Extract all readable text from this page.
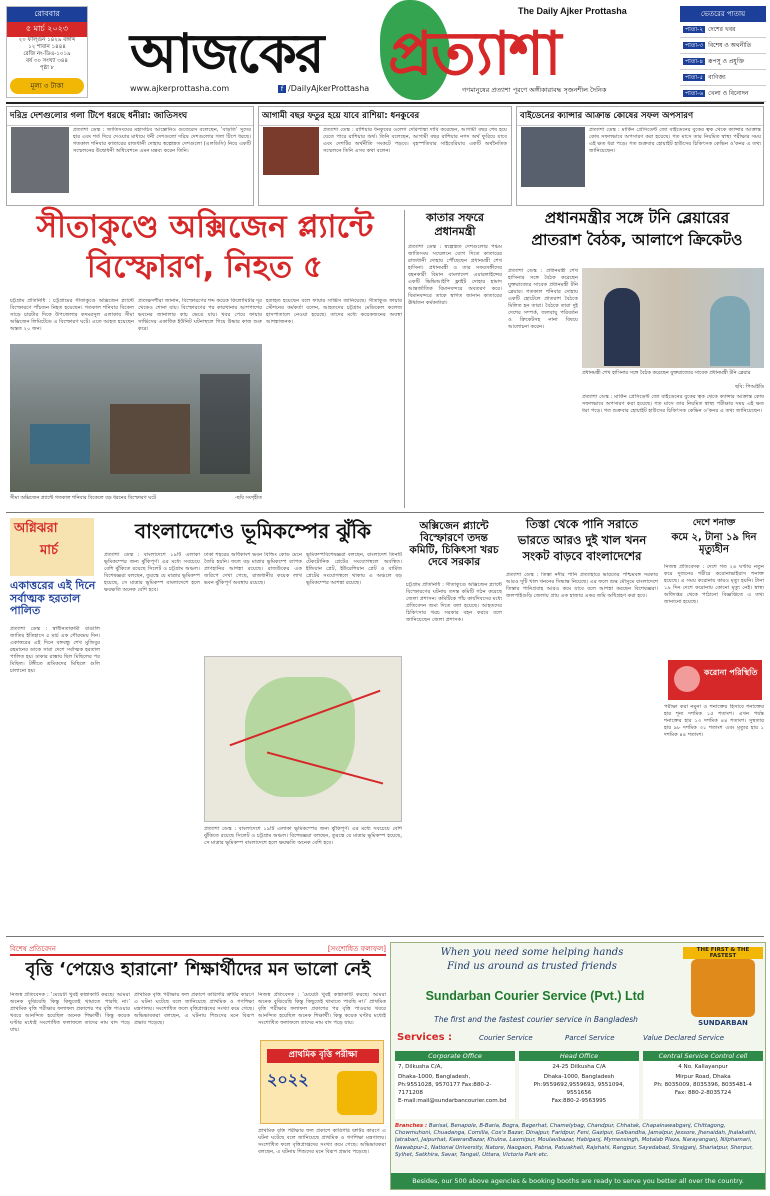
রোববার
৫ মার্চ ২০২৩
২০ ফাল্গুন ১৪২৯ বঙ্গাব্দ
১২ শাবান ১৪৪৪
রেজি নং-ডিএ-১০১৯
বর্ষ ৩০ সংখ্যা ৩৪৪
পৃষ্ঠা ৮
মূল্য ৩ টাকা
আজকের প্রত্যাশা
The Daily Ajker Prottasha
www.ajkerprottasha.com	f /DailyAjkerProttasha	গণমানুষের প্রত্যাশা পূরণে অঙ্গীকারাবদ্ধ সৃজনশীল দৈনিক
ভেতরের পাতায়
পাতা-২ দেশের খবর
পাতা-৩ বিশেষ ও অথনীতি
পাতা-৪ রূপসু ও প্রযুক্তি
পাতা-৫ বাণিজ্য
পাতা-৬ খেলা ও বিনোদন
দরিদ্র দেশগুলোর গলা টিপে ধরছে ধনীরা: জাতিসংঘ
প্রত্যাশা ডেস্ক : জাতিসংঘের মহাসচিব আন্তোনিও গুতেরেস বলেছেন, ‘বাড়তি’ সুদের হার এবং শর্ত দিয়ে দেওয়ার মাধ্যমে ধনী দেশগুলো দরিদ্র দেশগুলোর গলা টিপে ধরছে। গতকাল শনিবার কাতারের রাজধানী দোহায় স্বল্পোন্নত দেশগুলো (এলডিসি) নিয়ে একটি সম্মেলনের উদ্বোধনী অধিবেশনে এমন মন্তব্য করেন তিনি।
আগামী বছর ফতুর হয়ে যাবে রাশিয়া: ধনকুবের
প্রত্যাশা ডেস্ক : রাশিয়ার ধনকুবের ওলেগ দেরিপাস্কা দাবি করেছেন, আগামী বছর শেষ হয়ে যেতে পারে রাশিয়ার অর্থ। তিনি বলেছেন, আগামী বছর রাশিয়ার নগদ অর্থ ফুরিয়ে যাবে এবং দেশটির অর্থনীতি সংকটে পড়বে। বৃহস্পতিবার সাইবেরিয়ায় একটি অর্থনৈতিক সম্মেলনে তিনি এসব কথা বলেন।
বাইডেনের ক্যান্সার আক্রান্ত কোষের সফল অপসারণ
প্রত্যাশা ডেস্ক : মার্কিন প্রেসিডেন্ট জো বাইডেনের বুকের ত্বক থেকে ক্যান্সার আক্রান্ত কোষ সফলভাবে অপসারণ করা হয়েছে। গত মাসে তার নিয়মিত স্বাস্থ্য পরীক্ষার সময় এই ক্ষত ধরা পড়ে। গত শুক্রবার হোয়াইট হাউসের চিকিৎসক কেভিন ও'কনর এ তথ্য জানিয়েছেন।
সীতাকুণ্ডে অক্সিজেন প্ল্যান্টে
বিস্ফোরণ, নিহত ৫
চট্টগ্রাম প্রতিনিধি : চট্টগ্রামের সীতাকুণ্ডে অক্সিজেন প্ল্যান্টে বিস্ফোরণে পাঁচজন নিহত হয়েছেন। গতকাল শনিবার বিকেল সাড়ে চারটার দিকে উপজেলার কদমরসুল এলাকায় সীমা অক্সিজেন লিমিটেডে এ বিস্ফোরণ ঘটে। এতে আহত হয়েছেন অন্তত ২০ জন।
প্রত্যক্ষদর্শীরা জানান, বিস্ফোরণের শব্দ কয়েক কিলোমিটার দূর থেকেও শোনা যায়। বিস্ফোরণের পর কারখানার আশপাশের ভবনের জানালার কাচ ভেঙে যায়। খবর পেয়ে ফায়ার সার্ভিসের একাধিক ইউনিট ঘটনাস্থলে গিয়ে উদ্ধার কাজ শুরু করে।
হতাহত হয়েছেন বলে ফায়ার সার্ভিস জানিয়েছে। সীতাকুণ্ড ফায়ার স্টেশনের কর্মকর্তা বলেন, আহতদের চট্টগ্রাম মেডিকেল কলেজ হাসপাতালে নেওয়া হয়েছে। তাদের মধ্যে কয়েকজনের অবস্থা আশঙ্কাজনক।
সীমা অক্সিজেন প্ল্যান্টে গতকাল শনিবার বিকেলে বড় ধরনের বিস্ফোরণ ঘটে	-ছবি সংগৃহীত
কাতার সফরে
প্রধানমন্ত্রী
প্রত্যাশা ডেস্ক : স্বল্পোন্নত দেশগুলোর পঞ্চম জাতিসংঘ সম্মেলনে যোগ দিতে কাতারের রাজধানী দোহায় পৌঁছেছেন প্রধানমন্ত্রী শেখ হাসিনা। প্রধানমন্ত্রী ও তার সফরসঙ্গীদের বহনকারী বিমান বাংলাদেশ এয়ারলাইন্সের একটি ভিভিআইপি ফ্লাইট দোহার হামাদ আন্তর্জাতিক বিমানবন্দরে অবতরণ করে। বিমানবন্দরে তাকে স্বাগত জানান কাতারের ঊর্ধ্বতন কর্মকর্তারা।
প্রধানমন্ত্রীর সঙ্গে টনি ব্লেয়ারের
প্রাতরাশ বৈঠক, আলাপে ক্রিকেটও
প্রত্যাশা ডেস্ক : প্রধানমন্ত্রী শেখ হাসিনার সঙ্গে বৈঠক করেছেন যুক্তরাজ্যের সাবেক প্রধানমন্ত্রী টনি ব্লেয়ার। গতকাল শনিবার দোহায় একটি হোটেলে প্রাতরাশ বৈঠকে মিলিত হন তারা। বৈঠকে তারা দুই দেশের সম্পর্ক, জলবায়ু পরিবর্তন ও ক্রিকেটসহ নানা বিষয়ে আলোচনা করেন।
প্রধানমন্ত্রী শেখ হাসিনার সঙ্গে বৈঠক করেছেন যুক্তরাজ্যের সাবেক প্রধানমন্ত্রী টনি ব্লেয়ার
ছবি: পিআইডি
প্রত্যাশা ডেস্ক : মার্কিন প্রেসিডেন্ট জো বাইডেনের বুকের ত্বক থেকে ক্যান্সার আক্রান্ত কোষ সফলভাবে অপসারণ করা হয়েছে। গত মাসে তার নিয়মিত স্বাস্থ্য পরীক্ষার সময় এই ক্ষত ধরা পড়ে। গত শুক্রবার হোয়াইট হাউসের চিকিৎসক কেভিন ও'কনর এ তথ্য জানিয়েছেন।
অগ্নিঝরা
মার্চ
একাত্তরের এই দিনে সর্বাত্মক হরতাল পালিত
প্রত্যাশা ডেস্ক : স্বাধীনতাকামী বাঙালি জাতির ইতিহাসে ৫ মার্চ এক গৌরবময় দিন। একাত্তরের এই দিনে বঙ্গবন্ধু শেখ মুজিবুর রহমানের ডাকে সারা দেশে সর্বাত্মক হরতাল পালিত হয়। ঢাকার রাস্তায় ছিল মিছিলের পর মিছিল। টঙ্গীতে শ্রমিকদের মিছিলে গুলি চালানো হয়।
বাংলাদেশেও ভূমিকম্পের ঝুঁকি
প্রত্যাশা ডেস্ক : বাংলাদেশে ১৯টি এলাকা ভূমিকম্পের জন্য ঝুঁকিপূর্ণ। এর মধ্যে সবচেয়ে বেশি ঝুঁকিতে রয়েছে সিলেট ও চট্টগ্রাম অঞ্চল। বিশেষজ্ঞরা বলছেন, তুরস্কে যে মাত্রার ভূমিকম্প হয়েছে, সে মাত্রার ভূমিকম্প বাংলাদেশে হলে ক্ষয়ক্ষতি অনেক বেশি হবে।
ঢাকা শহরের অধিকাংশ ভবন বিল্ডিং কোড মেনে তৈরি হয়নি। ফলে বড় মাত্রার ভূমিকম্পে ব্যাপক প্রাণহানির আশঙ্কা রয়েছে। রাজউকের এক জরিপে দেখা গেছে, রাজধানীর কয়েক লাখ ভবন ঝুঁকিপূর্ণ অবস্থায় রয়েছে।
ভূমিকম্পবিশেষজ্ঞরা বলছেন, বাংলাদেশ তিনটি টেকটোনিক প্লেটের সংযোগস্থলে অবস্থিত। ইন্ডিয়ান প্লেট, ইউরেশিয়ান প্লেট ও বার্মিজ প্লেটের সংযোগস্থলে থাকায় এ অঞ্চলে বড় ভূমিকম্পের আশঙ্কা রয়েছে।
প্রত্যাশা ডেস্ক : বাংলাদেশে ১৯টি এলাকা ভূমিকম্পের জন্য ঝুঁকিপূর্ণ। এর মধ্যে সবচেয়ে বেশি ঝুঁকিতে রয়েছে সিলেট ও চট্টগ্রাম অঞ্চল। বিশেষজ্ঞরা বলছেন, তুরস্কে যে মাত্রার ভূমিকম্প হয়েছে, সে মাত্রার ভূমিকম্প বাংলাদেশে হলে ক্ষয়ক্ষতি অনেক বেশি হবে।
অক্সিজেন প্ল্যান্টে বিস্ফোরণে তদন্ত কমিটি, চিকিৎসা খরচ দেবে সরকার
চট্টগ্রাম প্রতিনিধি : সীতাকুণ্ডে অক্সিজেন প্ল্যান্টে বিস্ফোরণের ঘটনায় তদন্ত কমিটি গঠন করেছে জেলা প্রশাসন। কমিটিকে পাঁচ কার্যদিবসের মধ্যে প্রতিবেদন জমা দিতে বলা হয়েছে। আহতদের চিকিৎসার খরচ সরকার বহন করবে বলে জানিয়েছেন জেলা প্রশাসক।
তিস্তা থেকে পানি সরাতে
ভারতে আরও দুই খাল খনন
সংকট বাড়বে বাংলাদেশের
প্রত্যাশা ডেস্ক : তিস্তা নদীর পানি প্রত্যাহারে ভারতের পশ্চিমবঙ্গ সরকার আরও দুটি খাল খননের সিদ্ধান্ত নিয়েছে। এর ফলে শুষ্ক মৌসুমে বাংলাদেশে তিস্তার পানিপ্রবাহ আরও কমে যাবে বলে আশঙ্কা করছেন বিশেষজ্ঞরা। জলপাইগুড়ি জেলায় প্রায় এক হাজার একর জমি অধিগ্রহণ করা হবে।
দেশে শনাক্ত
কমে ২, টানা ১৯ দিন মৃত্যুহীন
নিজস্ব প্রতিবেদক : দেশে গত ২৪ ঘণ্টায় নতুন করে দুজনের শরীরে করোনাভাইরাস শনাক্ত হয়েছে। এ সময় করোনায় কারও মৃত্যু হয়নি। টানা ১৯ দিন দেশে করোনায় কোনো মৃত্যু নেই। স্বাস্থ্য অধিদপ্তর থেকে পাঠানো বিজ্ঞপ্তিতে এ তথ্য জানানো হয়েছে।
করোনা পরিস্থিতি
পরীক্ষা করা নমুনা ও শনাক্তের হিসাবে শনাক্তের হার শূন্য দশমিক ১৫ শতাংশ। এখন পর্যন্ত শনাক্তের হার ১৩ দশমিক ৪৪ শতাংশ। সুস্থতার হার ৯৮ দশমিক ৩১ শতাংশ এবং মৃত্যুর হার ১ দশমিক ৪৪ শতাংশ।
বিশেষ প্রতিবেদন	[সংশোধিত ফলাফল]
বৃত্তি ‘পেয়েও হারানো’ শিক্ষার্থীদের মন ভালো নেই
নিজস্ব প্রতিবেদক : ‘মেয়েটা খুবই কান্নাকাটি করছে। আমরা অনেক বুঝিয়েছি কিন্তু কিছুতেই থামাতে পারছি না।’ প্রাথমিক বৃত্তি পরীক্ষার ফলাফল প্রকাশের পর বৃত্তি পাওয়ার খবরে আনন্দিত হয়েছিল অনেক শিক্ষার্থী। কিন্তু কয়েক ঘণ্টার মধ্যেই সংশোধিত ফলাফলে তাদের নাম বাদ পড়ে যায়।
প্রাথমিক বৃত্তি পরীক্ষার ফল প্রকাশে কারিগরি ত্রুটির কারণে এ ঘটনা ঘটেছে বলে জানিয়েছে প্রাথমিক ও গণশিক্ষা মন্ত্রণালয়। সংশোধিত ফলে বৃত্তিপ্রাপ্তদের সংখ্যা কমে গেছে। অভিভাবকরা বলছেন, এ ঘটনায় শিশুদের মনে বিরূপ প্রভাব পড়েছে।
নিজস্ব প্রতিবেদক : ‘মেয়েটা খুবই কান্নাকাটি করছে। আমরা অনেক বুঝিয়েছি কিন্তু কিছুতেই থামাতে পারছি না।’ প্রাথমিক বৃত্তি পরীক্ষার ফলাফল প্রকাশের পর বৃত্তি পাওয়ার খবরে আনন্দিত হয়েছিল অনেক শিক্ষার্থী। কিন্তু কয়েক ঘণ্টার মধ্যেই সংশোধিত ফলাফলে তাদের নাম বাদ পড়ে যায়।
প্রাথমিক বৃত্তি পরীক্ষা
২০২২
প্রাথমিক বৃত্তি পরীক্ষার ফল প্রকাশে কারিগরি ত্রুটির কারণে এ ঘটনা ঘটেছে বলে জানিয়েছে প্রাথমিক ও গণশিক্ষা মন্ত্রণালয়। সংশোধিত ফলে বৃত্তিপ্রাপ্তদের সংখ্যা কমে গেছে। অভিভাবকরা বলছেন, এ ঘটনায় শিশুদের মনে বিরূপ প্রভাব পড়েছে।
When you need some helping hands
Find us around as trusted friends
Sundarban Courier Service (Pvt.) Ltd
The first and the fastest courier service in Bangladesh
THE FIRST & THE FASTEST
SUNDARBAN
Services :	Courier Service	Parcel Service	Value Declared Service
Corporate Office
7, Dilkusha C/A,
Dhaka-1000, Bangladesh,
Ph:9551028, 9570177 Fax:880-2-7171208
E-mail:mail@sundarbancourier.com.bd
Head Office
24-25 Dilkusha C/A
Dhaka-1000, Bangladesh
Ph:9559692,9559693, 9551094, 9551656
Fax:880-2-9563995
Central Service Control cell
4 No. Kallayanpur
Mirpur Road, Dhaka
Ph: 8035009, 8035396, 8035481-4
Fax: 880-2-8035724
Branches : Barisal, Benapole, B-Baria, Bogra, Bagerhat, Chamelybag, Chandpur, Chhatak, Chapainawabganj, Chittagong, Chowmuhoni, Chuadanga, Comilla, Cox's Bazar, Dinajpur, Faridpur, Feni, Gazipur, Gaibandha, Jamalpur, Jessore, Jhenaidah, Jhalakathi, Jatrabari, Jaipurhat, KawranBazar, Khulna, Laxmipur, Moulavibazar, Habiganj, Mymensingh, Motalab Plaza, Narayanganj, Nilphamari, Nawabpur-1, National University, Natore, Naogaon, Pabna, Patuakhali, Rajshahi, Rangpur, Sayedabad, Sirajganj, Shariatpur, Sherpur, Sylhet, Satkhira, Savar, Tangail, Uttara, Victoria Park etc.
Besides, our 500 above agencies & booking booths are ready to serve you better all over the country.
